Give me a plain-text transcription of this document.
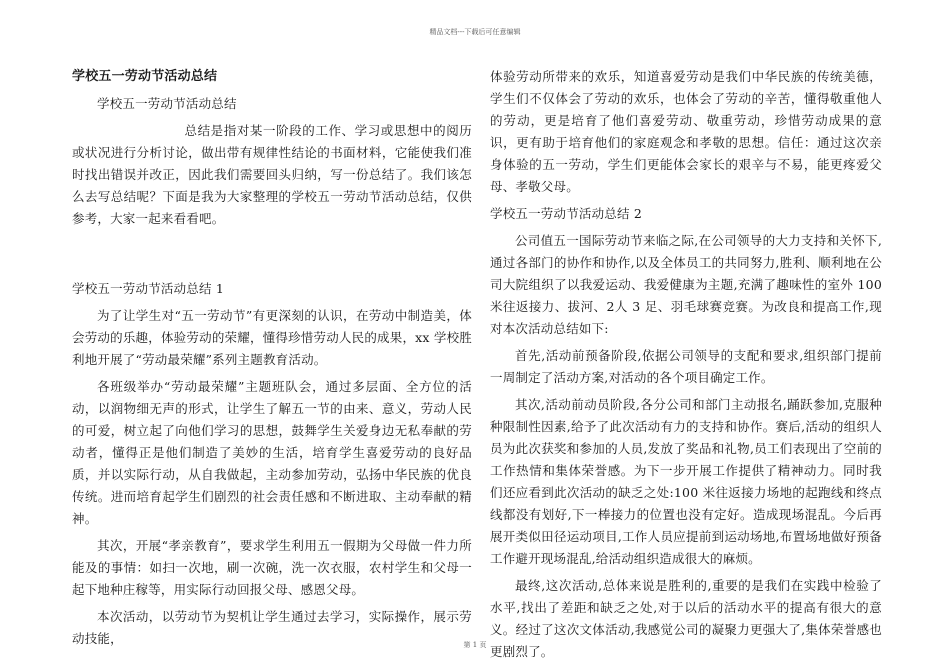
精品文档---下载后可任意编辑

学校五一劳动节活动总结

学校五一劳动节活动总结

总结是指对某一阶段的工作、学习或思想中的阅历或状况进行分析讨论，做出带有规律性结论的书面材料，它能使我们准时找出错误并改正，因此我们需要回头归纳，写一份总结了。我们该怎么去写总结呢？下面是我为大家整理的学校五一劳动节活动总结，仅供参考，大家一起来看看吧。

学校五一劳动节活动总结 1

为了让学生对“五一劳动节”有更深刻的认识，在劳动中制造美，体会劳动的乐趣，体验劳动的荣耀，懂得珍惜劳动人民的成果，xx 学校胜利地开展了“劳动最荣耀”系列主题教育活动。

各班级举办“劳动最荣耀”主题班队会，通过多层面、全方位的活动，以润物细无声的形式，让学生了解五一节的由来、意义，劳动人民的可爱，树立起了向他们学习的思想，鼓舞学生关爱身边无私奉献的劳动者，懂得正是他们制造了美妙的生活，培育学生喜爱劳动的良好品质，并以实际行动，从自我做起，主动参加劳动，弘扬中华民族的优良传统。进而培育起学生们剧烈的社会责任感和不断进取、主动奉献的精神。

其次，开展“孝亲教育”，要求学生利用五一假期为父母做一件力所能及的事情：如扫一次地，刷一次碗，洗一次衣服，农村学生和父母一起下地种庄稼等，用实际行动回报父母、感恩父母。

本次活动，以劳动节为契机让学生通过去学习，实际操作，展示劳动技能，

体验劳动所带来的欢乐，知道喜爱劳动是我们中华民族的传统美德，学生们不仅体会了劳动的欢乐，也体会了劳动的辛苦，懂得敬重他人的劳动，更是培育了他们喜爱劳动、敬重劳动，珍惜劳动成果的意识，更有助于培育他们的家庭观念和孝敬的思想。信任：通过这次亲身体验的五一劳动，学生们更能体会家长的艰辛与不易，能更疼爱父母、孝敬父母。

学校五一劳动节活动总结 2

公司值五一国际劳动节来临之际,在公司领导的大力支持和关怀下,通过各部门的协作和协作,以及全体员工的共同努力,胜利、顺利地在公司大院组织了以我爱运动、我爱健康为主题,充满了趣味性的室外 100 米往返接力、拔河、2人 3 足、羽毛球赛竞赛。为改良和提高工作,现对本次活动总结如下:

首先,活动前预备阶段,依据公司领导的支配和要求,组织部门提前一周制定了活动方案,对活动的各个项目确定工作。

其次,活动前动员阶段,各分公司和部门主动报名,踊跃参加,克服种种限制性因素,给予了此次活动有力的支持和协作。赛后,活动的组织人员为此次获奖和参加的人员,发放了奖品和礼物,员工们表现出了空前的工作热情和集体荣誉感。为下一步开展工作提供了精神动力。同时我们还应看到此次活动的缺乏之处:100 米往返接力场地的起跑线和终点线都没有划好,下一棒接力的位置也没有定好。造成现场混乱。今后再展开类似田径运动项目,工作人员应提前到运动场地,布置场地做好预备工作避开现场混乱,给活动组织造成很大的麻烦。

最终,这次活动,总体来说是胜利的,重要的是我们在实践中检验了水平,找出了差距和缺乏之处,对于以后的活动水平的提高有很大的意义。经过了这次文体活动,我感觉公司的凝聚力更强大了,集体荣誉感也更剧烈了。

第 1 页
